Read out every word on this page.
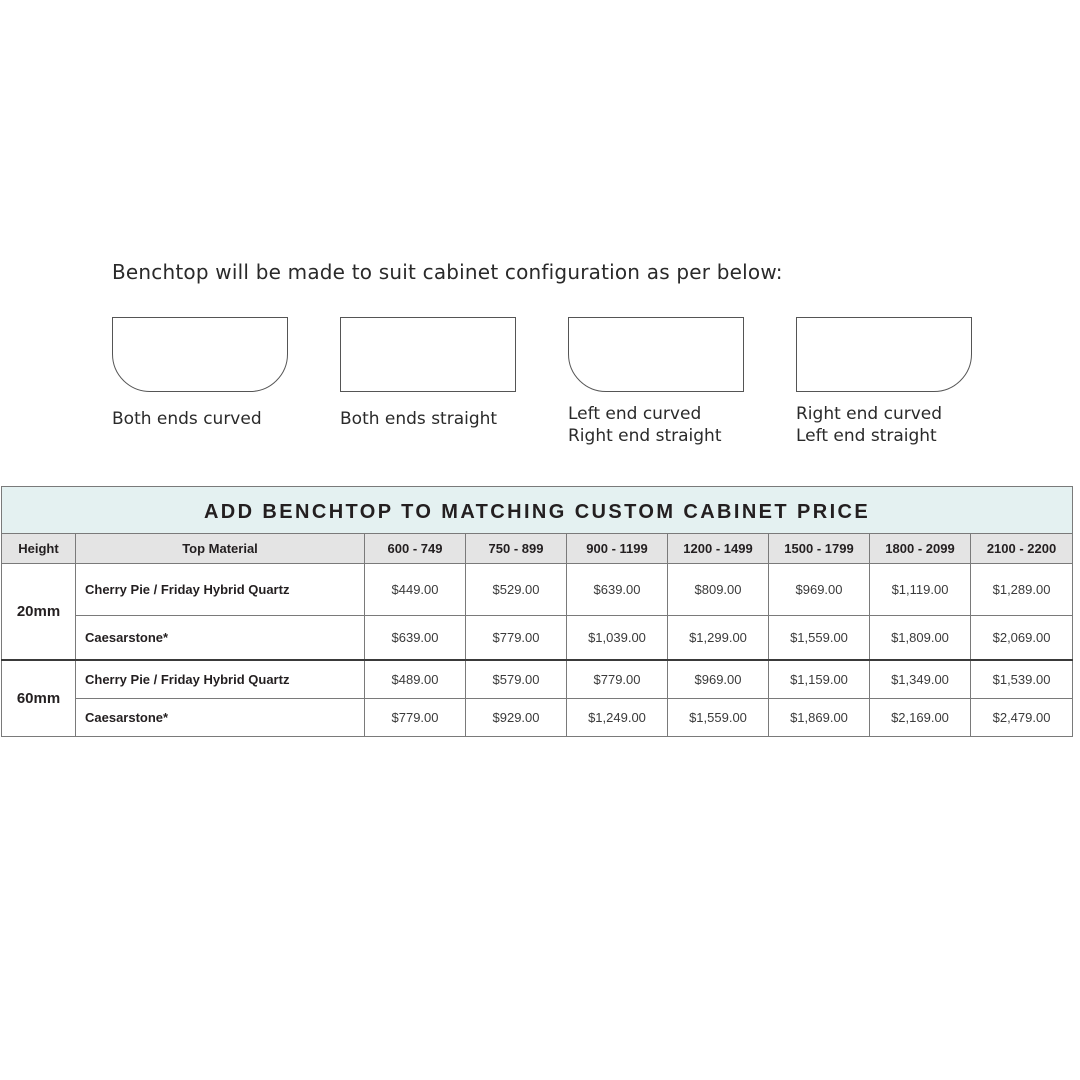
Benchtop will be made to suit cabinet configuration as per below:
Both ends curved	Both ends straight	Left end curved
Right end straight
Right end curved
Left end straight
ADD BENCHTOP TO MATCHING CUSTOM CABINET PRICE								
Height	Top Material	600 - 749	750 - 899	900 - 1199	1200 - 1499	1500 - 1799	1800 - 2099	2100 - 2200
20mm	Cherry Pie / Friday Hybrid Quartz	$449.00	$529.00	$639.00	$809.00	$969.00	$1,119.00	$1,289.00
	Caesarstone*	$639.00	$779.00	$1,039.00	$1,299.00	$1,559.00	$1,809.00	$2,069.00
60mm	Cherry Pie / Friday Hybrid Quartz	$489.00	$579.00	$779.00	$969.00	$1,159.00	$1,349.00	$1,539.00
	Caesarstone*	$779.00	$929.00	$1,249.00	$1,559.00	$1,869.00	$2,169.00	$2,479.00
